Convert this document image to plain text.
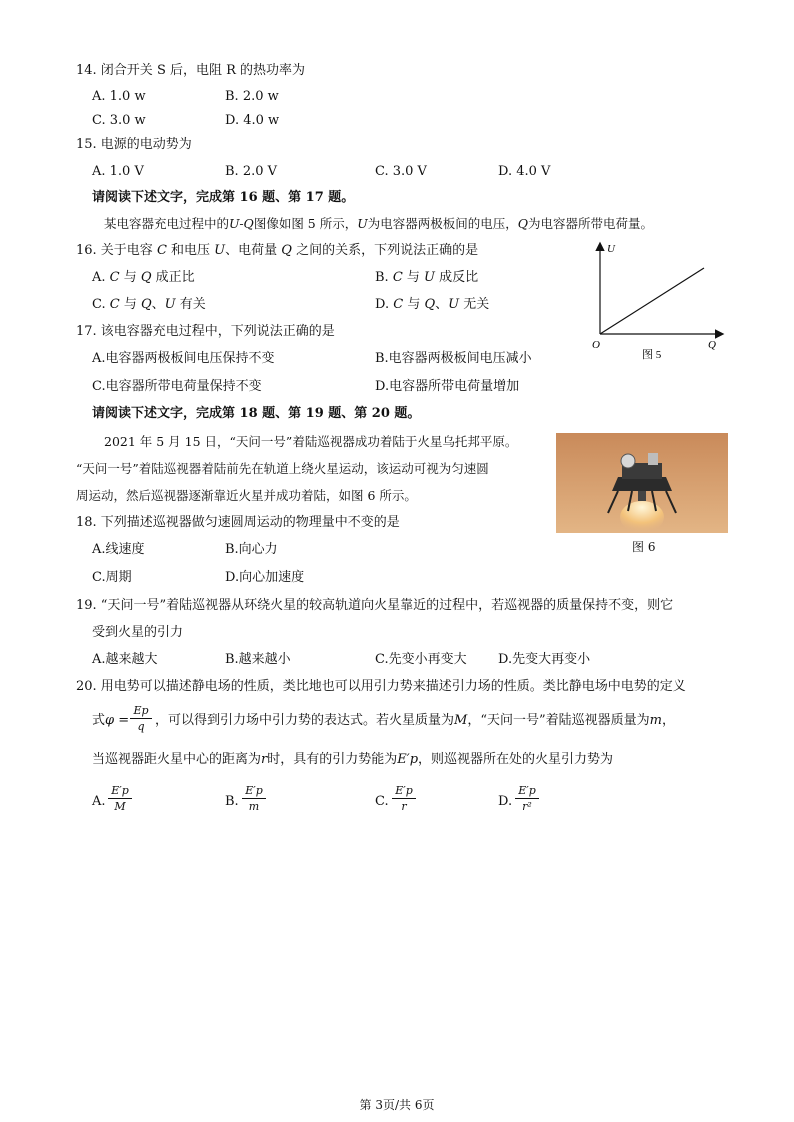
14. 闭合开关 S 后，电阻 R 的热功率为
A. 1.0 w	B. 2.0 w
C. 3.0 w	D. 4.0 w
15. 电源的电动势为
A. 1.0 V	B. 2.0 V	C. 3.0 V	D. 4.0 V
请阅读下述文字，完成第 16 题、第 17 题。
某电容器充电过程中的U-Q图像如图 5 所示，U为电容器两极板间的电压，Q为电容器所带电荷量。
16. 关于电容 C 和电压 U、电荷量 Q 之间的关系，下列说法正确的是
A. C 与 Q 成正比	B. C 与 U 成反比
C. C 与 Q、U 有关	D. C 与 Q、U 无关
17. 该电容器充电过程中，下列说法正确的是
A.电容器两极板间电压保持不变	B.电容器两极板间电压减小
C.电容器所带电荷量保持不变	D.电容器所带电荷量增加
U
Q
O
图 5
请阅读下述文字，完成第 18 题、第 19 题、第 20 题。
2021 年 5 月 15 日，“天问一号”着陆巡视器成功着陆于火星乌托邦平原。
“天问一号”着陆巡视器着陆前先在轨道上绕火星运动，该运动可视为匀速圆
周运动，然后巡视器逐渐靠近火星并成功着陆，如图 6 所示。
图 6
18. 下列描述巡视器做匀速圆周运动的物理量中不变的是
A.线速度	B.向心力
C.周期	D.向心加速度
19. “天问一号”着陆巡视器从环绕火星的较高轨道向火星靠近的过程中，若巡视器的质量保持不变，则它
受到火星的引力
A.越来越大	B.越来越小	C.先变小再变大 D.先变大再变小
20. 用电势可以描述静电场的性质，类比地也可以用引力势来描述引力场的性质。类比静电场中电势的定义
式φ =
Ep
q ，可以得到引力场中引力势的表达式。若火星质量为M，“天问一号”着陆巡视器质量为m，
当巡视器距火星中心的距离为r时，具有的引力势能为E′p，则巡视器所在处的火星引力势为
A.
E′p
M	B.
E′p
m	C.
E′p
r	D.
E′p
r²
第 3页/共 6页
